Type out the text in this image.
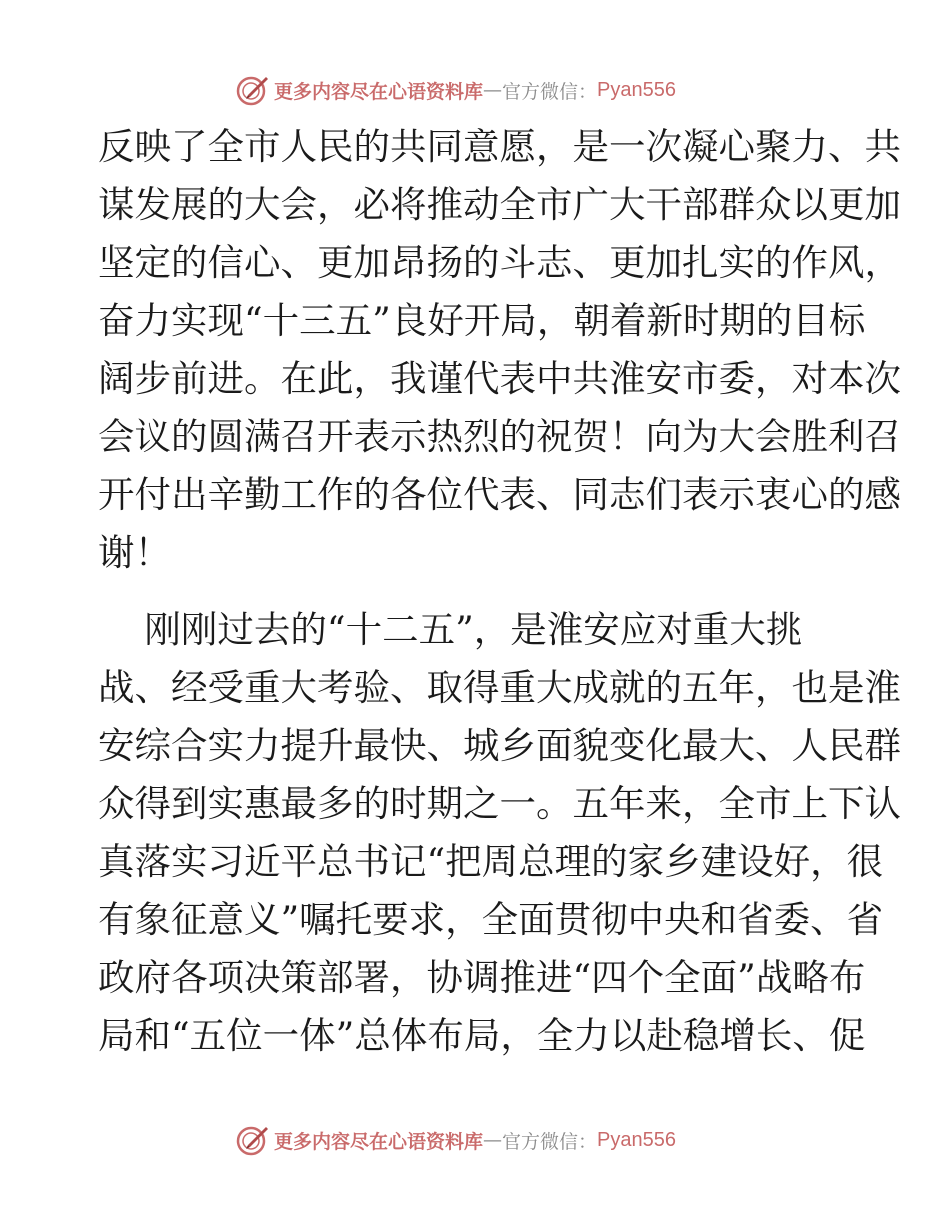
更多内容尽在心语资料库 — 官方微信： Pyan556
反映了全市人民的共同意愿，是一次凝心聚力、共
谋发展的大会，必将推动全市广大干部群众以更加
坚定的信心、更加昂扬的斗志、更加扎实的作风，
奋力实现“十三五”良好开局，朝着新时期的目标
阔步前进。在此，我谨代表中共淮安市委，对本次
会议的圆满召开表示热烈的祝贺！向为大会胜利召
开付出辛勤工作的各位代表、同志们表示衷心的感
谢！
刚刚过去的“十二五”，是淮安应对重大挑
战、经受重大考验、取得重大成就的五年，也是淮
安综合实力提升最快、城乡面貌变化最大、人民群
众得到实惠最多的时期之一。五年来，全市上下认
真落实习近平总书记“把周总理的家乡建设好，很
有象征意义”嘱托要求，全面贯彻中央和省委、省
政府各项决策部署，协调推进“四个全面”战略布
局和“五位一体”总体布局，全力以赴稳增长、促
更多内容尽在心语资料库 — 官方微信： Pyan556
